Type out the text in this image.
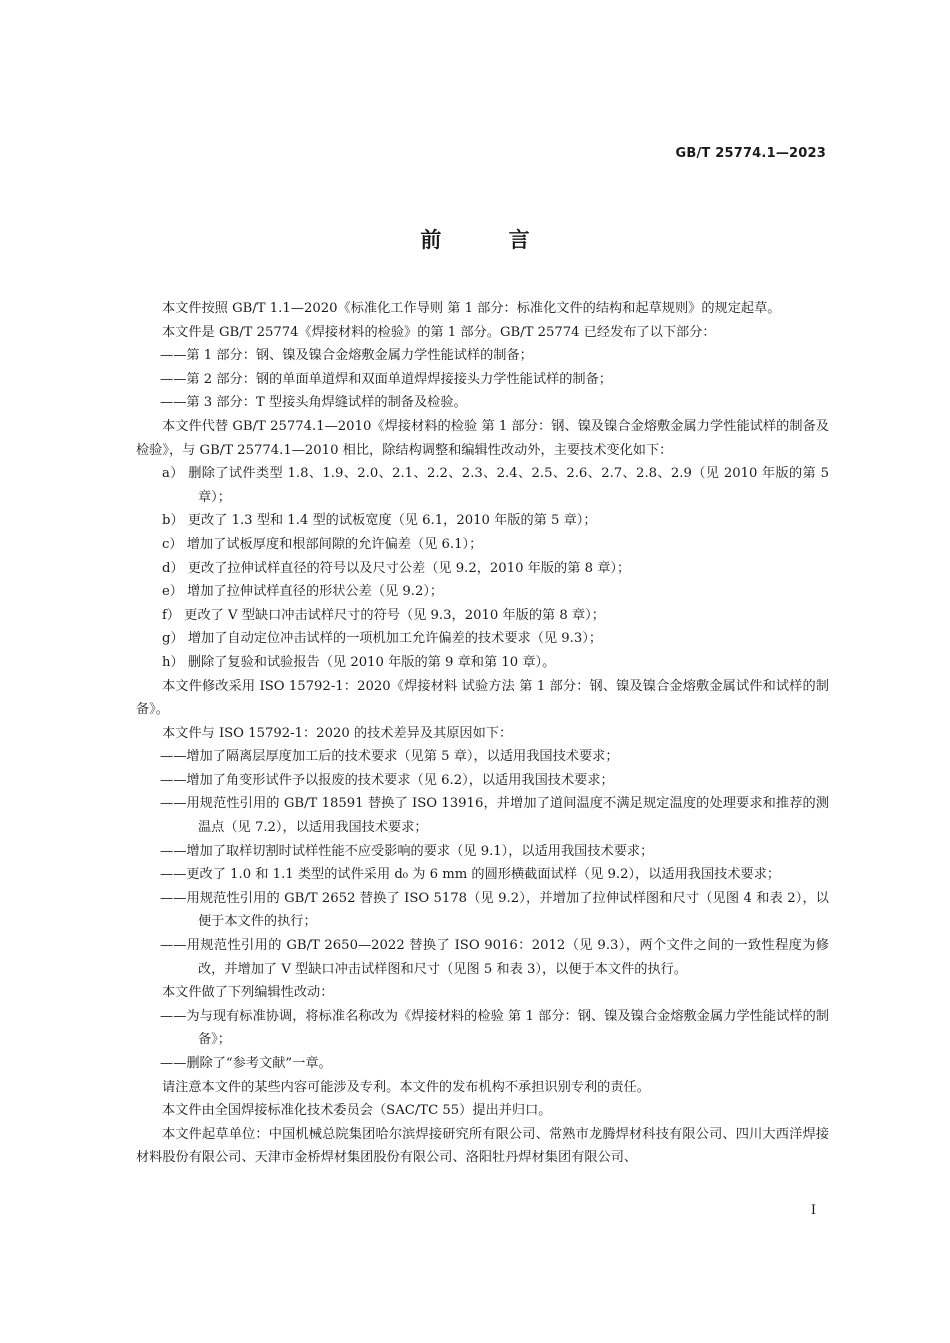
GB/T 25774.1—2023
前 言

本文件按照 GB/T 1.1—2020《标准化工作导则 第 1 部分：标准化文件的结构和起草规则》的规定起草。

本文件是 GB/T 25774《焊接材料的检验》的第 1 部分。GB/T 25774 已经发布了以下部分：

——第 1 部分：钢、镍及镍合金熔敷金属力学性能试样的制备；

——第 2 部分：钢的单面单道焊和双面单道焊焊接接头力学性能试样的制备；

——第 3 部分：T 型接头角焊缝试样的制备及检验。

本文件代替 GB/T 25774.1—2010《焊接材料的检验 第 1 部分：钢、镍及镍合金熔敷金属力学性能试样的制备及检验》，与 GB/T 25774.1—2010 相比，除结构调整和编辑性改动外，主要技术变化如下：

a） 删除了试件类型 1.8、1.9、2.0、2.1、2.2、2.3、2.4、2.5、2.6、2.7、2.8、2.9（见 2010 年版的第 5 章）；

b） 更改了 1.3 型和 1.4 型的试板宽度（见 6.1，2010 年版的第 5 章）；

c） 增加了试板厚度和根部间隙的允许偏差（见 6.1）；

d） 更改了拉伸试样直径的符号以及尺寸公差（见 9.2，2010 年版的第 8 章）；

e） 增加了拉伸试样直径的形状公差（见 9.2）；

f） 更改了 V 型缺口冲击试样尺寸的符号（见 9.3，2010 年版的第 8 章）；

g） 增加了自动定位冲击试样的一项机加工允许偏差的技术要求（见 9.3）；

h） 删除了复验和试验报告（见 2010 年版的第 9 章和第 10 章）。

本文件修改采用 ISO 15792-1：2020《焊接材料 试验方法 第 1 部分：钢、镍及镍合金熔敷金属试件和试样的制备》。

本文件与 ISO 15792-1：2020 的技术差异及其原因如下：

——增加了隔离层厚度加工后的技术要求（见第 5 章），以适用我国技术要求；

——增加了角变形试件予以报废的技术要求（见 6.2），以适用我国技术要求；

——用规范性引用的 GB/T 18591 替换了 ISO 13916，并增加了道间温度不满足规定温度的处理要求和推荐的测温点（见 7.2），以适用我国技术要求；

——增加了取样切割时试样性能不应受影响的要求（见 9.1），以适用我国技术要求；

——更改了 1.0 和 1.1 类型的试件采用 d₀ 为 6 mm 的圆形横截面试样（见 9.2），以适用我国技术要求；

——用规范性引用的 GB/T 2652 替换了 ISO 5178（见 9.2），并增加了拉伸试样图和尺寸（见图 4 和表 2），以便于本文件的执行；

——用规范性引用的 GB/T 2650—2022 替换了 ISO 9016：2012（见 9.3），两个文件之间的一致性程度为修改，并增加了 V 型缺口冲击试样图和尺寸（见图 5 和表 3），以便于本文件的执行。

本文件做了下列编辑性改动：

——为与现有标准协调，将标准名称改为《焊接材料的检验 第 1 部分：钢、镍及镍合金熔敷金属力学性能试样的制备》；

——删除了“参考文献”一章。

请注意本文件的某些内容可能涉及专利。本文件的发布机构不承担识别专利的责任。

本文件由全国焊接标准化技术委员会（SAC/TC 55）提出并归口。

本文件起草单位：中国机械总院集团哈尔滨焊接研究所有限公司、常熟市龙腾焊材科技有限公司、四川大西洋焊接材料股份有限公司、天津市金桥焊材集团股份有限公司、洛阳牡丹焊材集团有限公司、

Ⅰ
